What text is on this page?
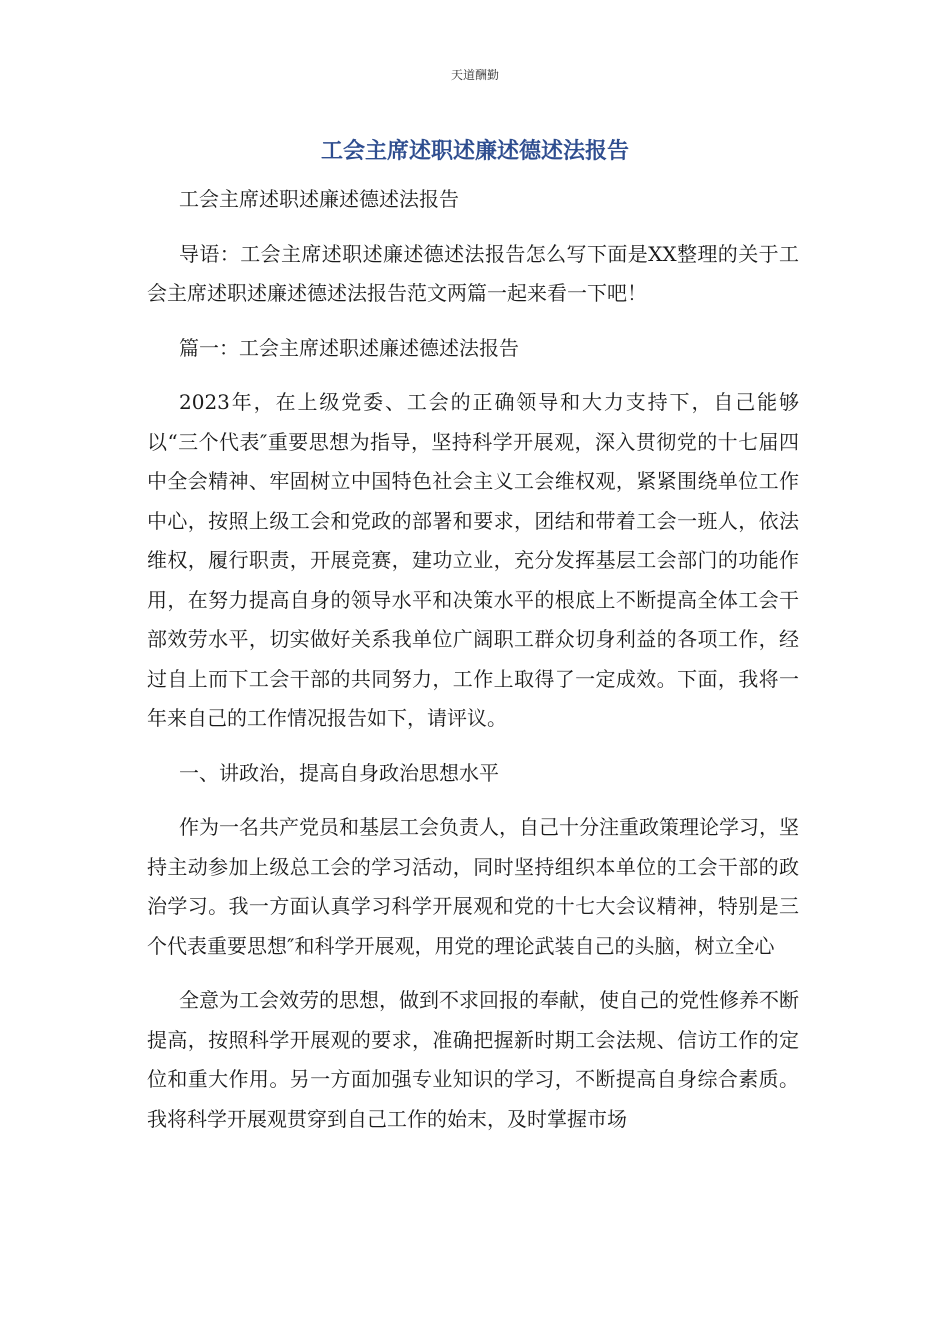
天道酬勤
工会主席述职述廉述德述法报告

工会主席述职述廉述德述法报告

导语：工会主席述职述廉述德述法报告怎么写下面是XX整理的关于工会主席述职述廉述德述法报告范文两篇一起来看一下吧！

篇一：工会主席述职述廉述德述法报告

2023年，在上级党委、工会的正确领导和大力支持下，自己能够以“三个代表″重要思想为指导，坚持科学开展观，深入贯彻党的十七届四中全会精神、牢固树立中国特色社会主义工会维权观，紧紧围绕单位工作中心，按照上级工会和党政的部署和要求，团结和带着工会一班人，依法维权，履行职责，开展竞赛，建功立业，充分发挥基层工会部门的功能作用，在努力提高自身的领导水平和决策水平的根底上不断提高全体工会干部效劳水平，切实做好关系我单位广阔职工群众切身利益的各项工作，经过自上而下工会干部的共同努力，工作上取得了一定成效。下面，我将一年来自己的工作情况报告如下，请评议。

一、讲政治，提高自身政治思想水平

作为一名共产党员和基层工会负责人，自己十分注重政策理论学习，坚持主动参加上级总工会的学习活动，同时坚持组织本单位的工会干部的政治学习。我一方面认真学习科学开展观和党的十七大会议精神，特别是三个代表重要思想″和科学开展观，用党的理论武装自己的头脑，树立全心

全意为工会效劳的思想，做到不求回报的奉献，使自己的党性修养不断提高，按照科学开展观的要求，准确把握新时期工会法规、信访工作的定位和重大作用。另一方面加强专业知识的学习，不断提高自身综合素质。我将科学开展观贯穿到自己工作的始末，及时掌握市场
